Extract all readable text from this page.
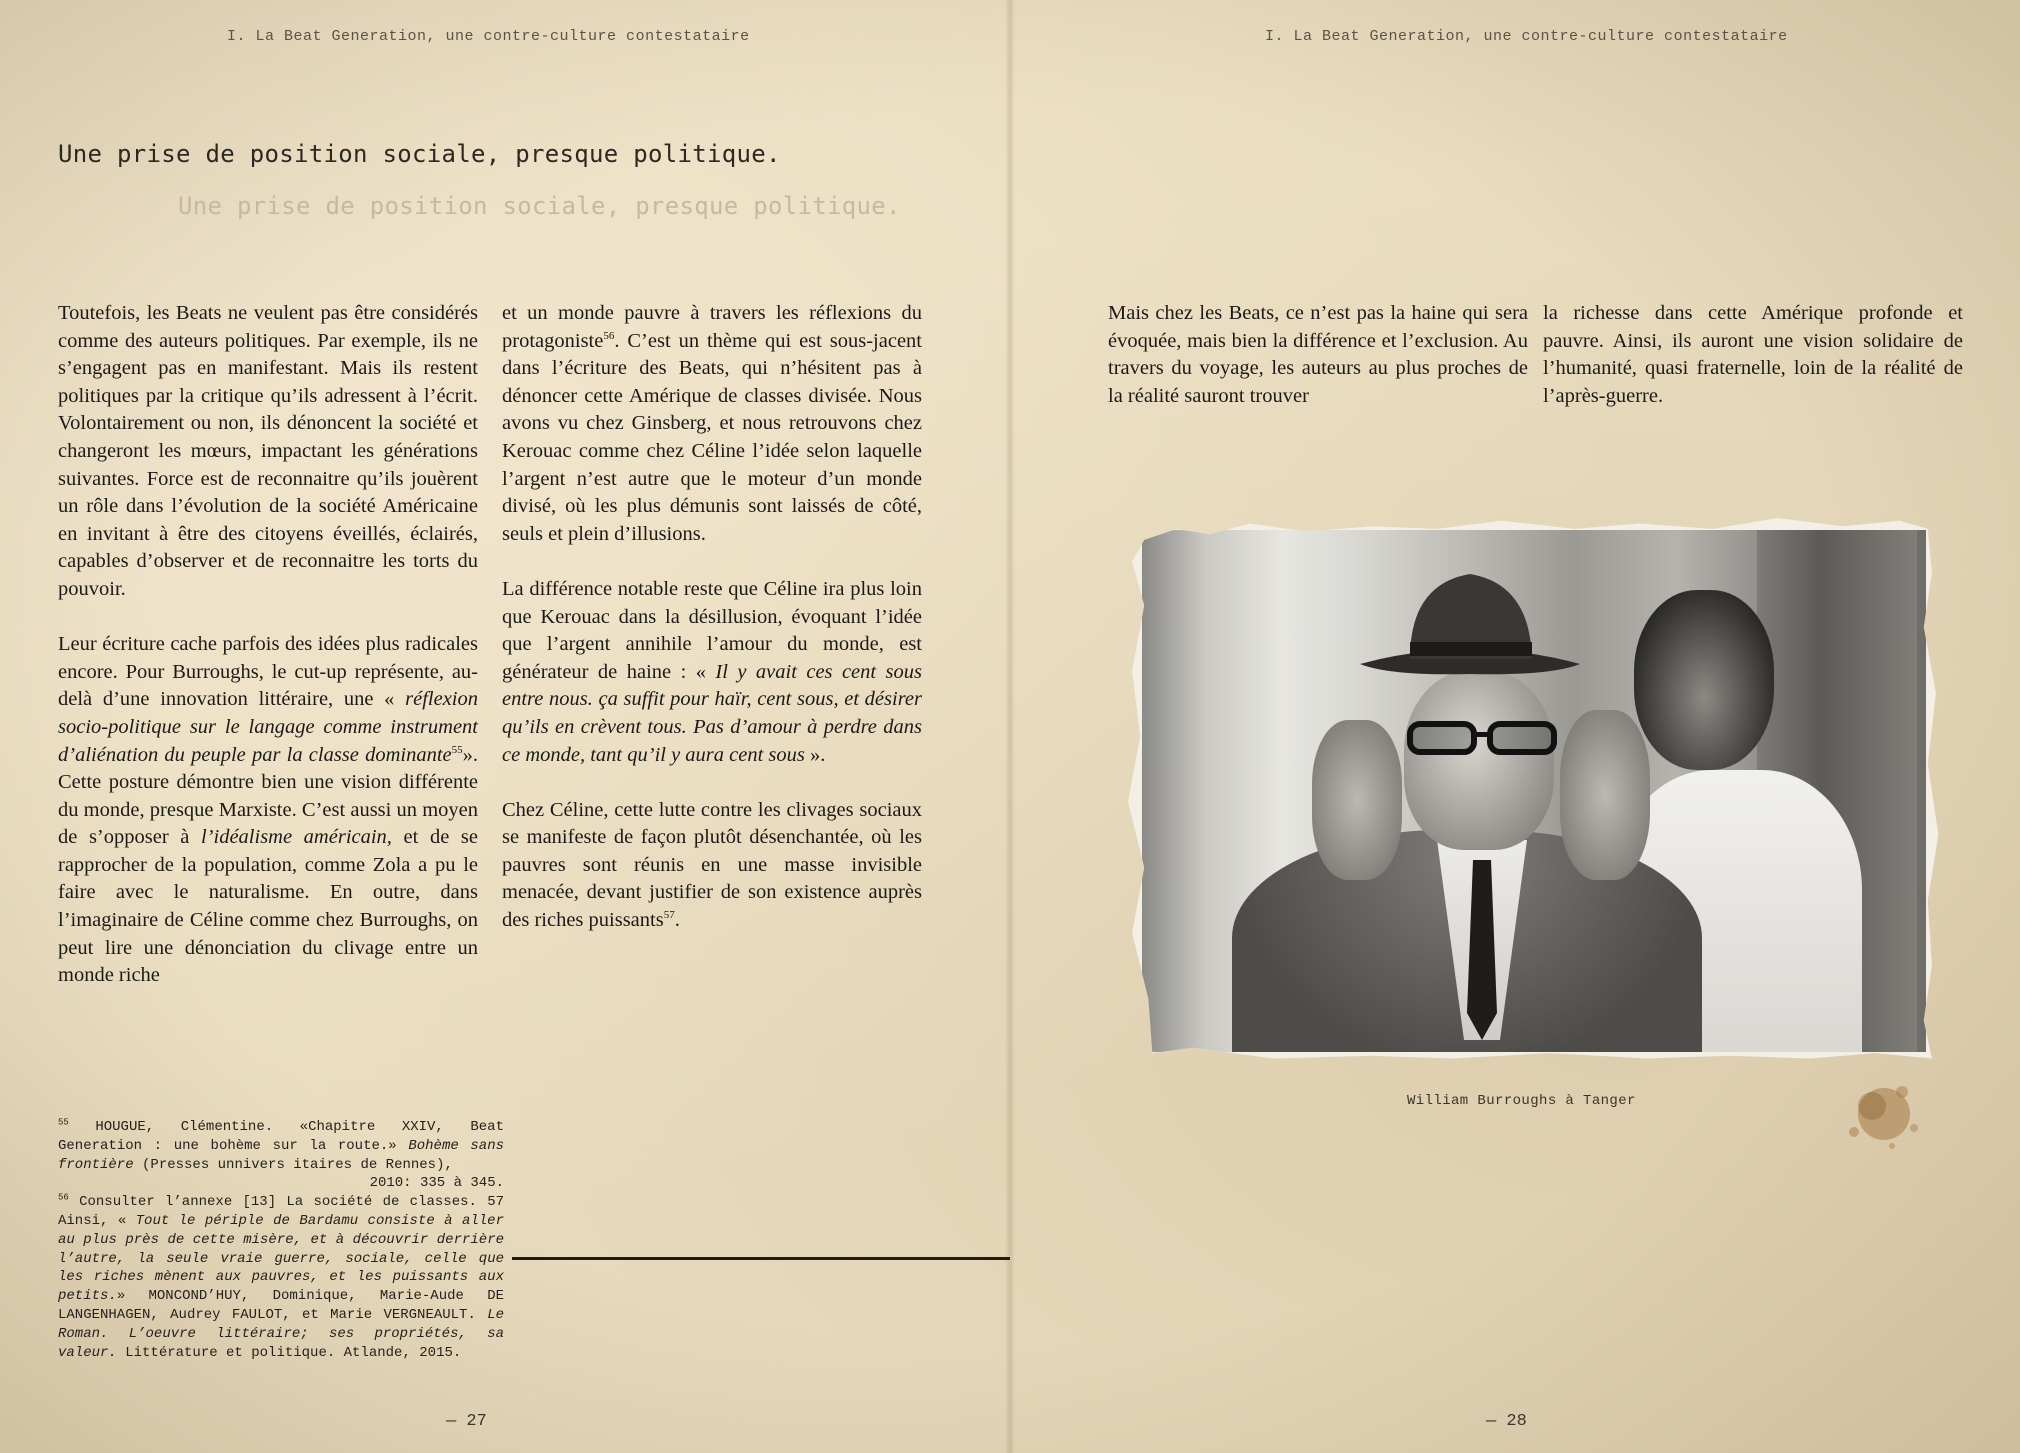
I. La Beat Generation, une contre-culture contestataire
Une prise de position sociale, presque politique.
Une prise de position sociale, presque politique.

Toutefois, les Beats ne veulent pas être considérés comme des auteurs politiques. Par exemple, ils ne s’engagent pas en manifestant. Mais ils restent politiques par la critique qu’ils adressent à l’écrit. Volontairement ou non, ils dénoncent la société et changeront les mœurs, impactant les générations suivantes. Force est de reconnaitre qu’ils jouèrent un rôle dans l’évolution de la société Américaine en invitant à être des citoyens éveillés, éclairés, capables d’observer et de reconnaitre les torts du pouvoir.

Leur écriture cache parfois des idées plus radicales encore. Pour Burroughs, le cut-up représente, au- delà d’une innovation littéraire, une « réflexion socio-politique sur le langage comme instrument d’aliénation du peuple par la classe dominante$^{55}$». Cette posture démontre bien une vision différente du monde, presque Marxiste. C’est aussi un moyen de s’opposer à l’idéalisme américain, et de se rapprocher de la population, comme Zola a pu le faire avec le naturalisme. En outre, dans l’imaginaire de Céline comme chez Burroughs, on peut lire une dénonciation du clivage entre un monde riche

et un monde pauvre à travers les réflexions du protagoniste$^{56}$. C’est un thème qui est sous-jacent dans l’écriture des Beats, qui n’hésitent pas à dénoncer cette Amérique de classes divisée. Nous avons vu chez Ginsberg, et nous retrouvons chez Kerouac comme chez Céline l’idée selon laquelle l’argent n’est autre que le moteur d’un monde divisé, où les plus démunis sont laissés de côté, seuls et plein d’illusions.

La différence notable reste que Céline ira plus loin que Kerouac dans la désillusion, évoquant l’idée que l’argent annihile l’amour du monde, est générateur de haine : « Il y avait ces cent sous entre nous. ça suffit pour haïr, cent sous, et désirer qu’ils en crèvent tous. Pas d’amour à perdre dans ce monde, tant qu’il y aura cent sous ».

Chez Céline, cette lutte contre les clivages sociaux se manifeste de façon plutôt désenchantée, où les pauvres sont réunis en une masse invisible menacée, devant justifier de son existence auprès des riches puissants$^{57}$.

$^{55}$ HOUGUE, Clémentine. «Chapitre XXIV, Beat Generation : une bohème sur la route.» Bohème sans frontière (Presses unnivers itaires de Rennes),
2010: 335 à 345.

$^{56}$ Consulter l’annexe [13] La société de classes. 57 Ainsi, « Tout le périple de Bardamu consiste à aller au plus près de cette misère, et à découvrir derrière l’autre, la seule vraie guerre, sociale, celle que les riches mènent aux pauvres, et les puissants aux petits.» MONCOND’HUY, Dominique, Marie-Aude DE LANGENHAGEN, Audrey FAULOT, et Marie VERGNEAULT. Le Roman. L’oeuvre littéraire; ses propriétés, sa valeur. Littérature et politique. Atlande, 2015.

— 27
I. La Beat Generation, une contre-culture contestataire

Mais chez les Beats, ce n’est pas la haine qui sera évoquée, mais bien la différence et l’exclusion. Au travers du voyage, les auteurs au plus proches de la réalité sauront trouver

la richesse dans cette Amérique profonde et pauvre. Ainsi, ils auront une vision solidaire de l’humanité, quasi fraternelle, loin de la réalité de l’après-guerre.

William Burroughs à Tanger
— 28
